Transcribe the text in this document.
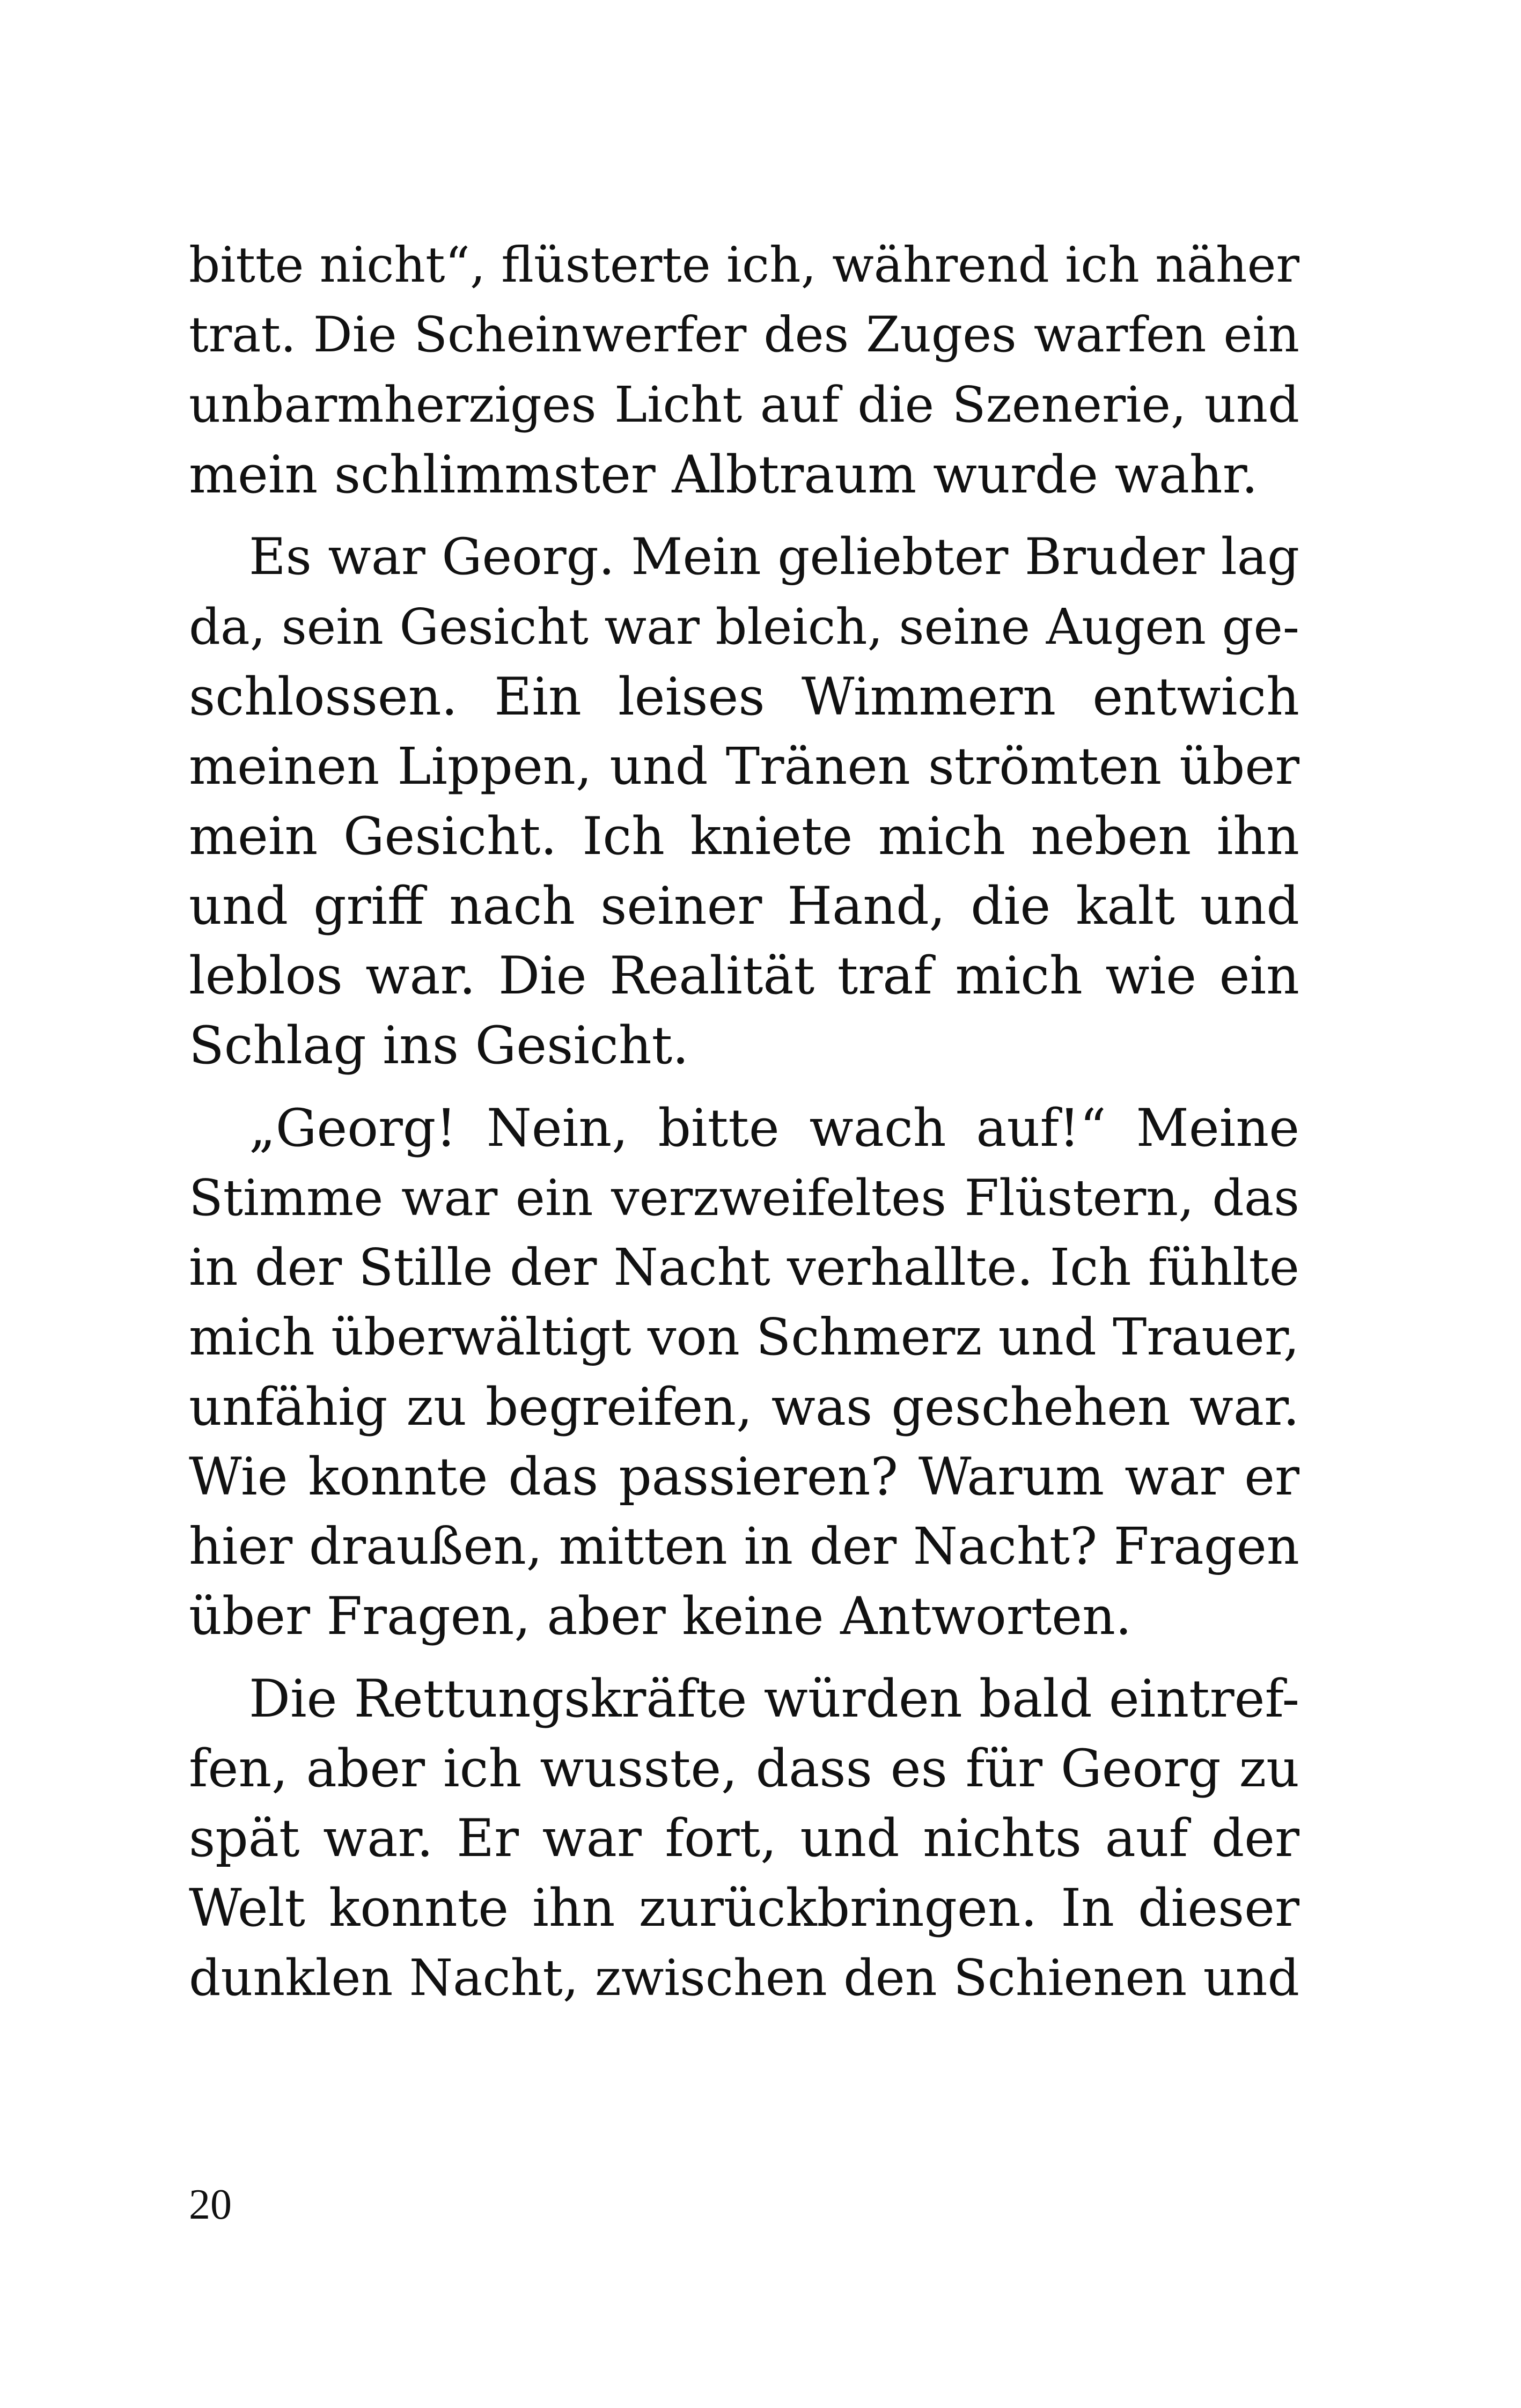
bitte nicht“, flüsterte ich, während ich näher
trat. Die Scheinwerfer des Zuges warfen ein
unbarmherziges Licht auf die Szenerie, und
mein schlimmster Albtraum wurde wahr.
Es war Georg. Mein geliebter Bruder lag
da, sein Gesicht war bleich, seine Augen ge-
schlossen. Ein leises Wimmern entwich
meinen Lippen, und Tränen strömten über
mein Gesicht. Ich kniete mich neben ihn
und griff nach seiner Hand, die kalt und
leblos war. Die Realität traf mich wie ein
Schlag ins Gesicht.
„Georg! Nein, bitte wach auf!“ Meine
Stimme war ein verzweifeltes Flüstern, das
in der Stille der Nacht verhallte. Ich fühlte
mich überwältigt von Schmerz und Trauer,
unfähig zu begreifen, was geschehen war.
Wie konnte das passieren? Warum war er
hier draußen, mitten in der Nacht? Fragen
über Fragen, aber keine Antworten.
Die Rettungskräfte würden bald eintref-
fen, aber ich wusste, dass es für Georg zu
spät war. Er war fort, und nichts auf der
Welt konnte ihn zurückbringen. In dieser
dunklen Nacht, zwischen den Schienen und
20
